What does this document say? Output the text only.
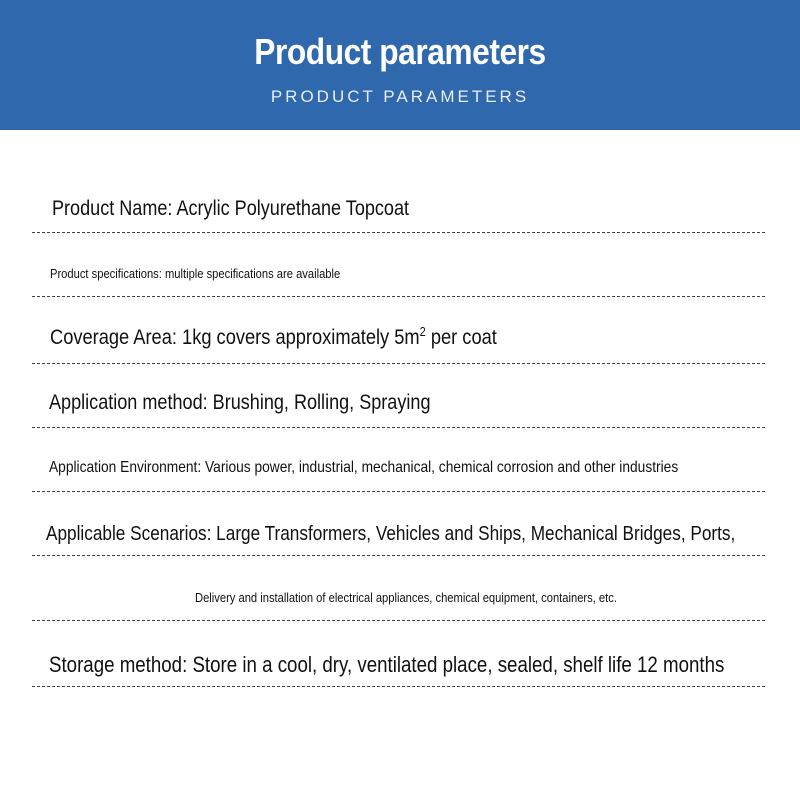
Product parameters
PRODUCT PARAMETERS
Product Name: Acrylic Polyurethane Topcoat
Product specifications: multiple specifications are available
Coverage Area: 1kg covers approximately $5m^2$ per coat
Application method: Brushing, Rolling, Spraying
Application Environment: Various power, industrial, mechanical, chemical corrosion and other industries
Applicable Scenarios: Large Transformers, Vehicles and Ships, Mechanical Bridges, Ports,
Delivery and installation of electrical appliances, chemical equipment, containers, etc.
Storage method: Store in a cool, dry, ventilated place, sealed, shelf life 12 months
